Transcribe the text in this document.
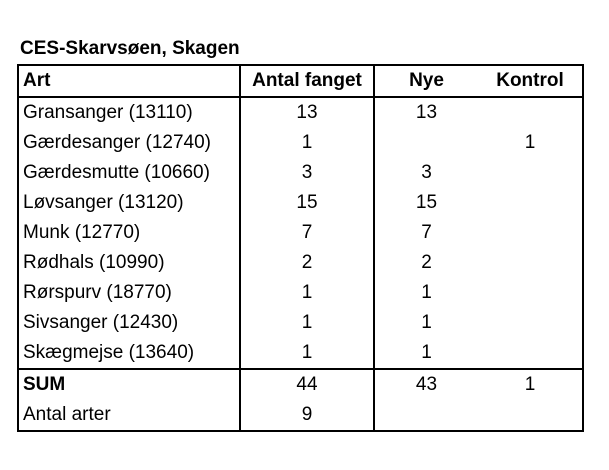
CES-Skarvsøen, Skagen
Art	Antal fanget	Nye	Kontrol
Gransanger (13110)	13	13	
Gærdesanger (12740)	1		1
Gærdesmutte (10660)	3	3	
Løvsanger (13120)	15	15	
Munk (12770)	7	7	
Rødhals (10990)	2	2	
Rørspurv (18770)	1	1	
Sivsanger (12430)	1	1	
Skægmejse (13640)	1	1	
SUM	44	43	1
Antal arter	9		
